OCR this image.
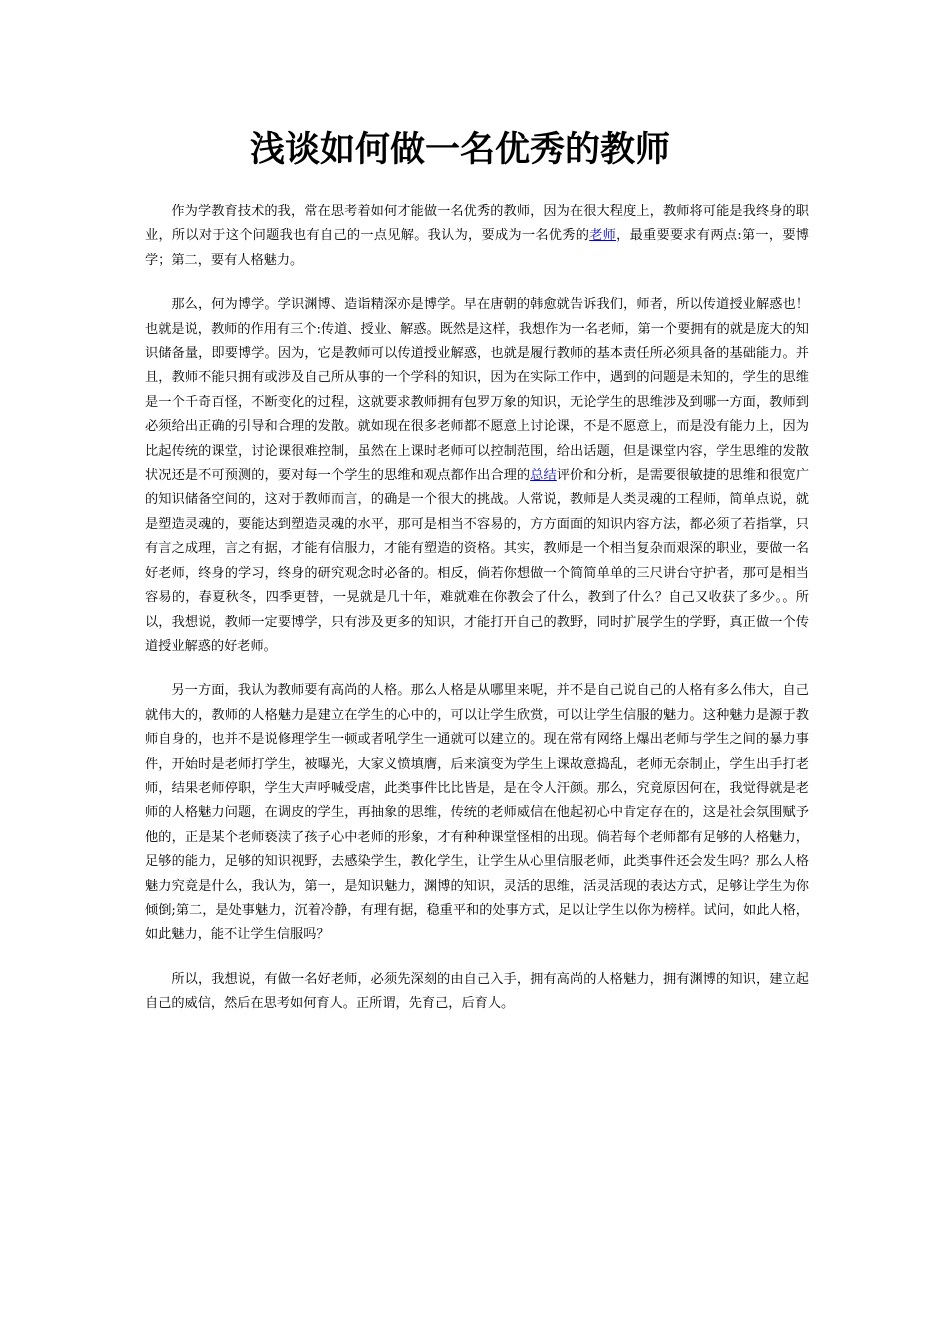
浅谈如何做一名优秀的教师

作为学教育技术的我，常在思考着如何才能做一名优秀的教师，因为在很大程度上，教师将可能是我终身的职业，所以对于这个问题我也有自己的一点见解。我认为，要成为一名优秀的老师，最重要要求有两点:第一，要博学；第二，要有人格魅力。

那么，何为博学。学识渊博、造诣精深亦是博学。早在唐朝的韩愈就告诉我们，师者，所以传道授业解惑也！也就是说，教师的作用有三个:传道、授业、解惑。既然是这样，我想作为一名老师，第一个要拥有的就是庞大的知识储备量，即要博学。因为，它是教师可以传道授业解惑，也就是履行教师的基本责任所必须具备的基础能力。并且，教师不能只拥有或涉及自己所从事的一个学科的知识，因为在实际工作中，遇到的问题是未知的，学生的思维是一个千奇百怪，不断变化的过程，这就要求教师拥有包罗万象的知识，无论学生的思维涉及到哪一方面，教师到必须给出正确的引导和合理的发散。就如现在很多老师都不愿意上讨论课，不是不愿意上，而是没有能力上，因为比起传统的课堂，讨论课很难控制，虽然在上课时老师可以控制范围，给出话题，但是课堂内容，学生思维的发散状况还是不可预测的，要对每一个学生的思维和观点都作出合理的总结评价和分析，是需要很敏捷的思维和很宽广的知识储备空间的，这对于教师而言，的确是一个很大的挑战。人常说，教师是人类灵魂的工程师，简单点说，就是塑造灵魂的，要能达到塑造灵魂的水平，那可是相当不容易的，方方面面的知识内容方法，都必须了若指掌，只有言之成理，言之有据，才能有信服力，才能有塑造的资格。其实，教师是一个相当复杂而艰深的职业，要做一名好老师，终身的学习，终身的研究观念时必备的。相反，倘若你想做一个简简单单的三尺讲台守护者，那可是相当容易的，春夏秋冬，四季更替，一晃就是几十年，难就难在你教会了什么，教到了什么？自己又收获了多少。。所以，我想说，教师一定要博学，只有涉及更多的知识，才能打开自己的教野，同时扩展学生的学野，真正做一个传道授业解惑的好老师。

另一方面，我认为教师要有高尚的人格。那么人格是从哪里来呢，并不是自己说自己的人格有多么伟大，自己就伟大的，教师的人格魅力是建立在学生的心中的，可以让学生欣赏，可以让学生信服的魅力。这种魅力是源于教师自身的，也并不是说修理学生一顿或者吼学生一通就可以建立的。现在常有网络上爆出老师与学生之间的暴力事件，开始时是老师打学生，被曝光，大家义愤填膺，后来演变为学生上课故意捣乱，老师无奈制止，学生出手打老师，结果老师停职，学生大声呼喊受虐，此类事件比比皆是，是在令人汗颜。那么，究竟原因何在，我觉得就是老师的人格魅力问题，在调皮的学生，再抽象的思维，传统的老师威信在他起初心中肯定存在的，这是社会氛围赋予他的，正是某个老师亵渎了孩子心中老师的形象，才有种种课堂怪相的出现。倘若每个老师都有足够的人格魅力，足够的能力，足够的知识视野，去感染学生，教化学生，让学生从心里信服老师，此类事件还会发生吗？那么人格魅力究竟是什么，我认为，第一，是知识魅力，渊博的知识，灵活的思维，活灵活现的表达方式，足够让学生为你倾倒;第二，是处事魅力，沉着冷静，有理有据，稳重平和的处事方式，足以让学生以你为榜样。试问，如此人格，如此魅力，能不让学生信服吗？

所以，我想说，有做一名好老师，必须先深刻的由自己入手，拥有高尚的人格魅力，拥有渊博的知识，建立起自己的威信，然后在思考如何育人。正所谓，先育己，后育人。
